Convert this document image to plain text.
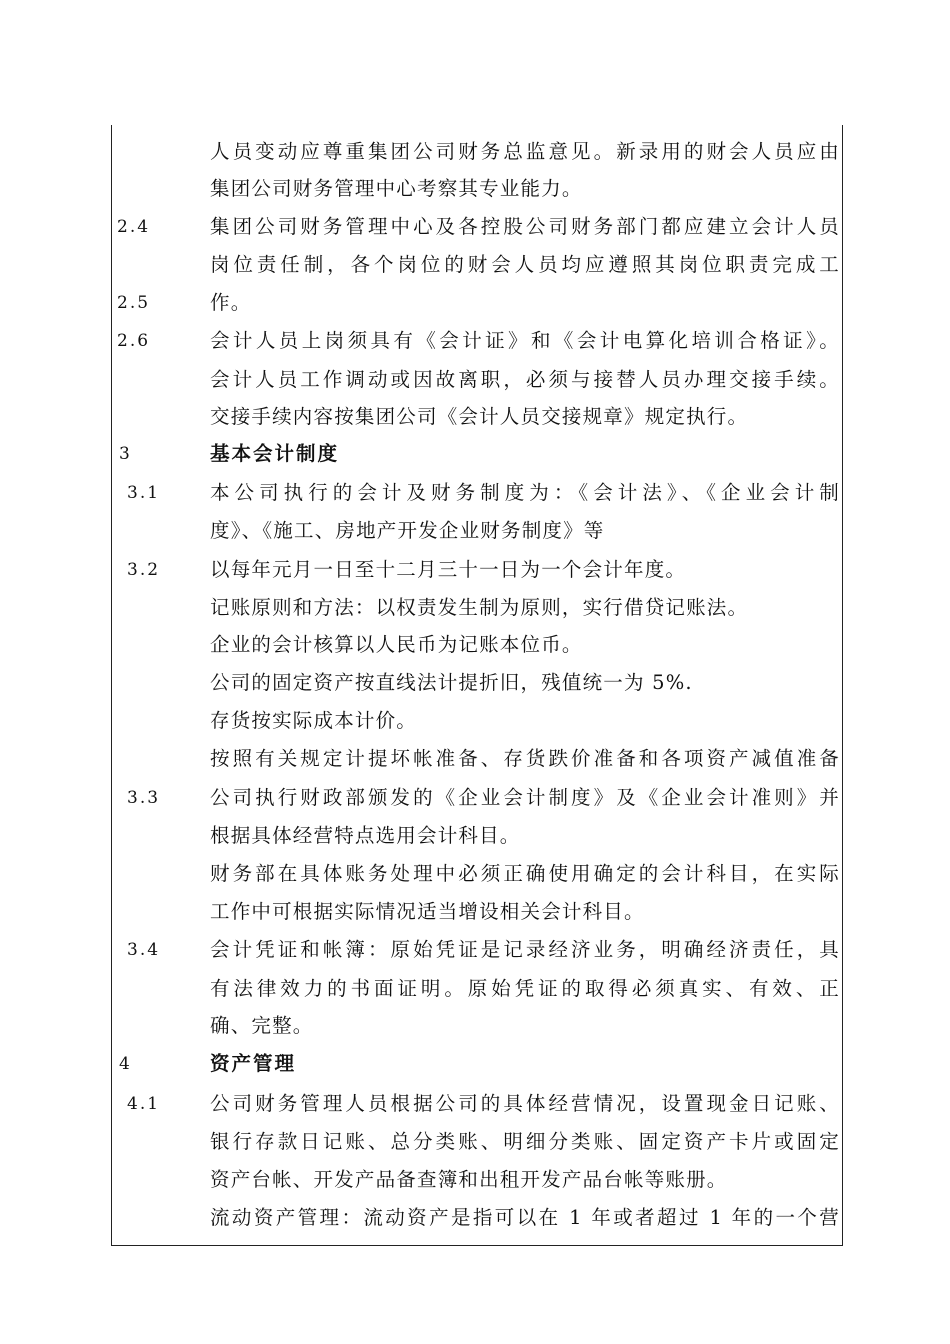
人员变动应尊重集团公司财务总监意见。新录用的财会人员应由
集团公司财务管理中心考察其专业能力。
2.4	集团公司财务管理中心及各控股公司财务部门都应建立会计人员
岗位责任制，各个岗位的财会人员均应遵照其岗位职责完成工
2.5	作。
2.6	会计人员上岗须具有《会计证》和《会计电算化培训合格证》。
会计人员工作调动或因故离职，必须与接替人员办理交接手续。
交接手续内容按集团公司《会计人员交接规章》规定执行。
3	基本会计制度
3.1	本公司执行的会计及财务制度为：《会计法》、《企业会计制
度》、《施工、房地产开发企业财务制度》等
3.2	以每年元月一日至十二月三十一日为一个会计年度。
记账原则和方法：以权责发生制为原则，实行借贷记账法。
企业的会计核算以人民币为记账本位币。
公司的固定资产按直线法计提折旧，残值统一为 5%.
存货按实际成本计价。
按照有关规定计提坏帐准备、存货跌价准备和各项资产减值准备
3.3	公司执行财政部颁发的《企业会计制度》及《企业会计准则》并
根据具体经营特点选用会计科目。
财务部在具体账务处理中必须正确使用确定的会计科目，在实际
工作中可根据实际情况适当增设相关会计科目。
3.4	会计凭证和帐簿：原始凭证是记录经济业务，明确经济责任，具
有法律效力的书面证明。原始凭证的取得必须真实、有效、正
确、完整。
4	资产管理
4.1	公司财务管理人员根据公司的具体经营情况，设置现金日记账、
银行存款日记账、总分类账、明细分类账、固定资产卡片或固定
资产台帐、开发产品备查簿和出租开发产品台帐等账册。
流动资产管理：流动资产是指可以在 1 年或者超过 1 年的一个营
